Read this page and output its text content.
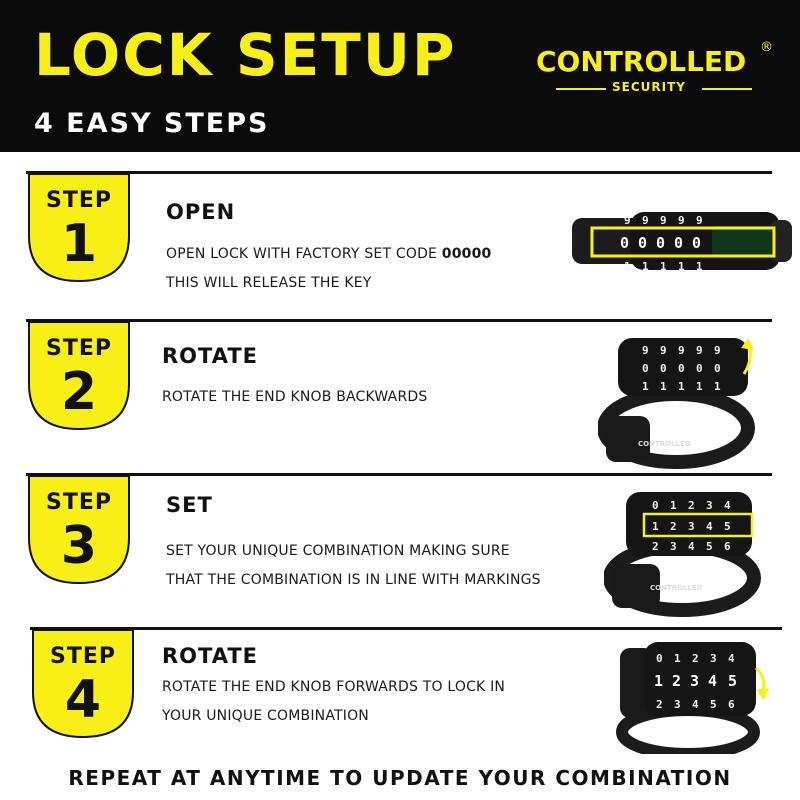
LOCK SETUP
4 EASY STEPS
CONTROLLED ®
SECURITY
STEP
1
OPEN
OPEN LOCK WITH FACTORY SET CODE 00000
THIS WILL RELEASE THE KEY
9 9 9 9 9
0 0 0 0 0
1 1 1 1 1
STEP
2
ROTATE
ROTATE THE END KNOB BACKWARDS
CONTROLLED
9 9 9 9 9
0 0 0 0 0
1 1 1 1 1
STEP
3
SET
SET YOUR UNIQUE COMBINATION MAKING SURE
THAT THE COMBINATION IS IN LINE WITH MARKINGS	CONTROLLED
0 1 2 3 4
1 2 3 4 5
2 3 4 5 6
STEP
4
ROTATE
ROTATE THE END KNOB FORWARDS TO LOCK IN
YOUR UNIQUE COMBINATION
0 1 2 3 4
1 2 3 4 5
2 3 4 5 6
REPEAT AT ANYTIME TO UPDATE YOUR COMBINATION
